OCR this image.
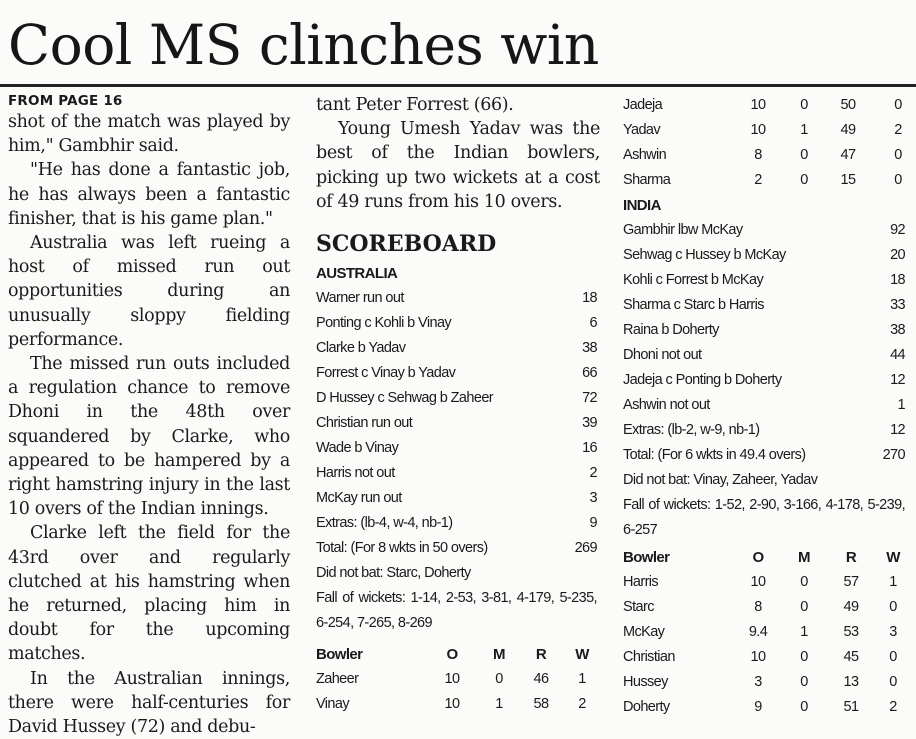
Cool MS clinches win
FROM PAGE 16

shot of the match was played by him," Gambhir said.

"He has done a fantastic job, he has always been a fantastic finisher, that is his game plan."

Australia was left rueing a host of missed run out opportunities during an unusually sloppy fielding performance.

The missed run outs included a regulation chance to remove Dhoni in the 48th over squandered by Clarke, who appeared to be hampered by a right hamstring injury in the last 10 overs of the Indian innings.

Clarke left the field for the 43rd over and regularly clutched at his hamstring when he returned, placing him in doubt for the upcoming matches.

In the Australian innings, there were half-centuries for David Hussey (72) and debu-

tant Peter Forrest (66).

Young Umesh Yadav was the best of the Indian bowlers, picking up two wickets at a cost of 49 runs from his 10 overs.

SCOREBOARD
AUSTRALIA
Warner run out	18
Ponting c Kohli b Vinay	6
Clarke b Yadav	38
Forrest c Vinay b Yadav	66
D Hussey c Sehwag b Zaheer	72
Christian run out	39
Wade b Vinay	16
Harris not out	2
McKay run out	3
Extras: (lb-4, w-4, nb-1)	9
Total: (For 8 wkts in 50 overs)	269
Did not bat: Starc, Doherty
Fall of wickets: 1-14, 2-53, 3-81, 4-179, 5-235, 6-254, 7-265, 8-269
Bowler	O	M	R	W
Zaheer	10	0	46	1
Vinay	10	1	58	2
Jadeja	10	0	50	0
Yadav	10	1	49	2
Ashwin	8	0	47	0
Sharma	2	0	15	0
INDIA
Gambhir lbw McKay	92
Sehwag c Hussey b McKay	20
Kohli c Forrest b McKay	18
Sharma c Starc b Harris	33
Raina b Doherty	38
Dhoni not out	44
Jadeja c Ponting b Doherty	12
Ashwin not out	1
Extras: (lb-2, w-9, nb-1)	12
Total: (For 6 wkts in 49.4 overs)	270
Did not bat: Vinay, Zaheer, Yadav
Fall of wickets: 1-52, 2-90, 3-166, 4-178, 5-239, 6-257
Bowler	O	M	R	W
Harris	10	0	57	1
Starc	8	0	49	0
McKay	9.4	1	53	3
Christian	10	0	45	0
Hussey	3	0	13	0
Doherty	9	0	51	2
